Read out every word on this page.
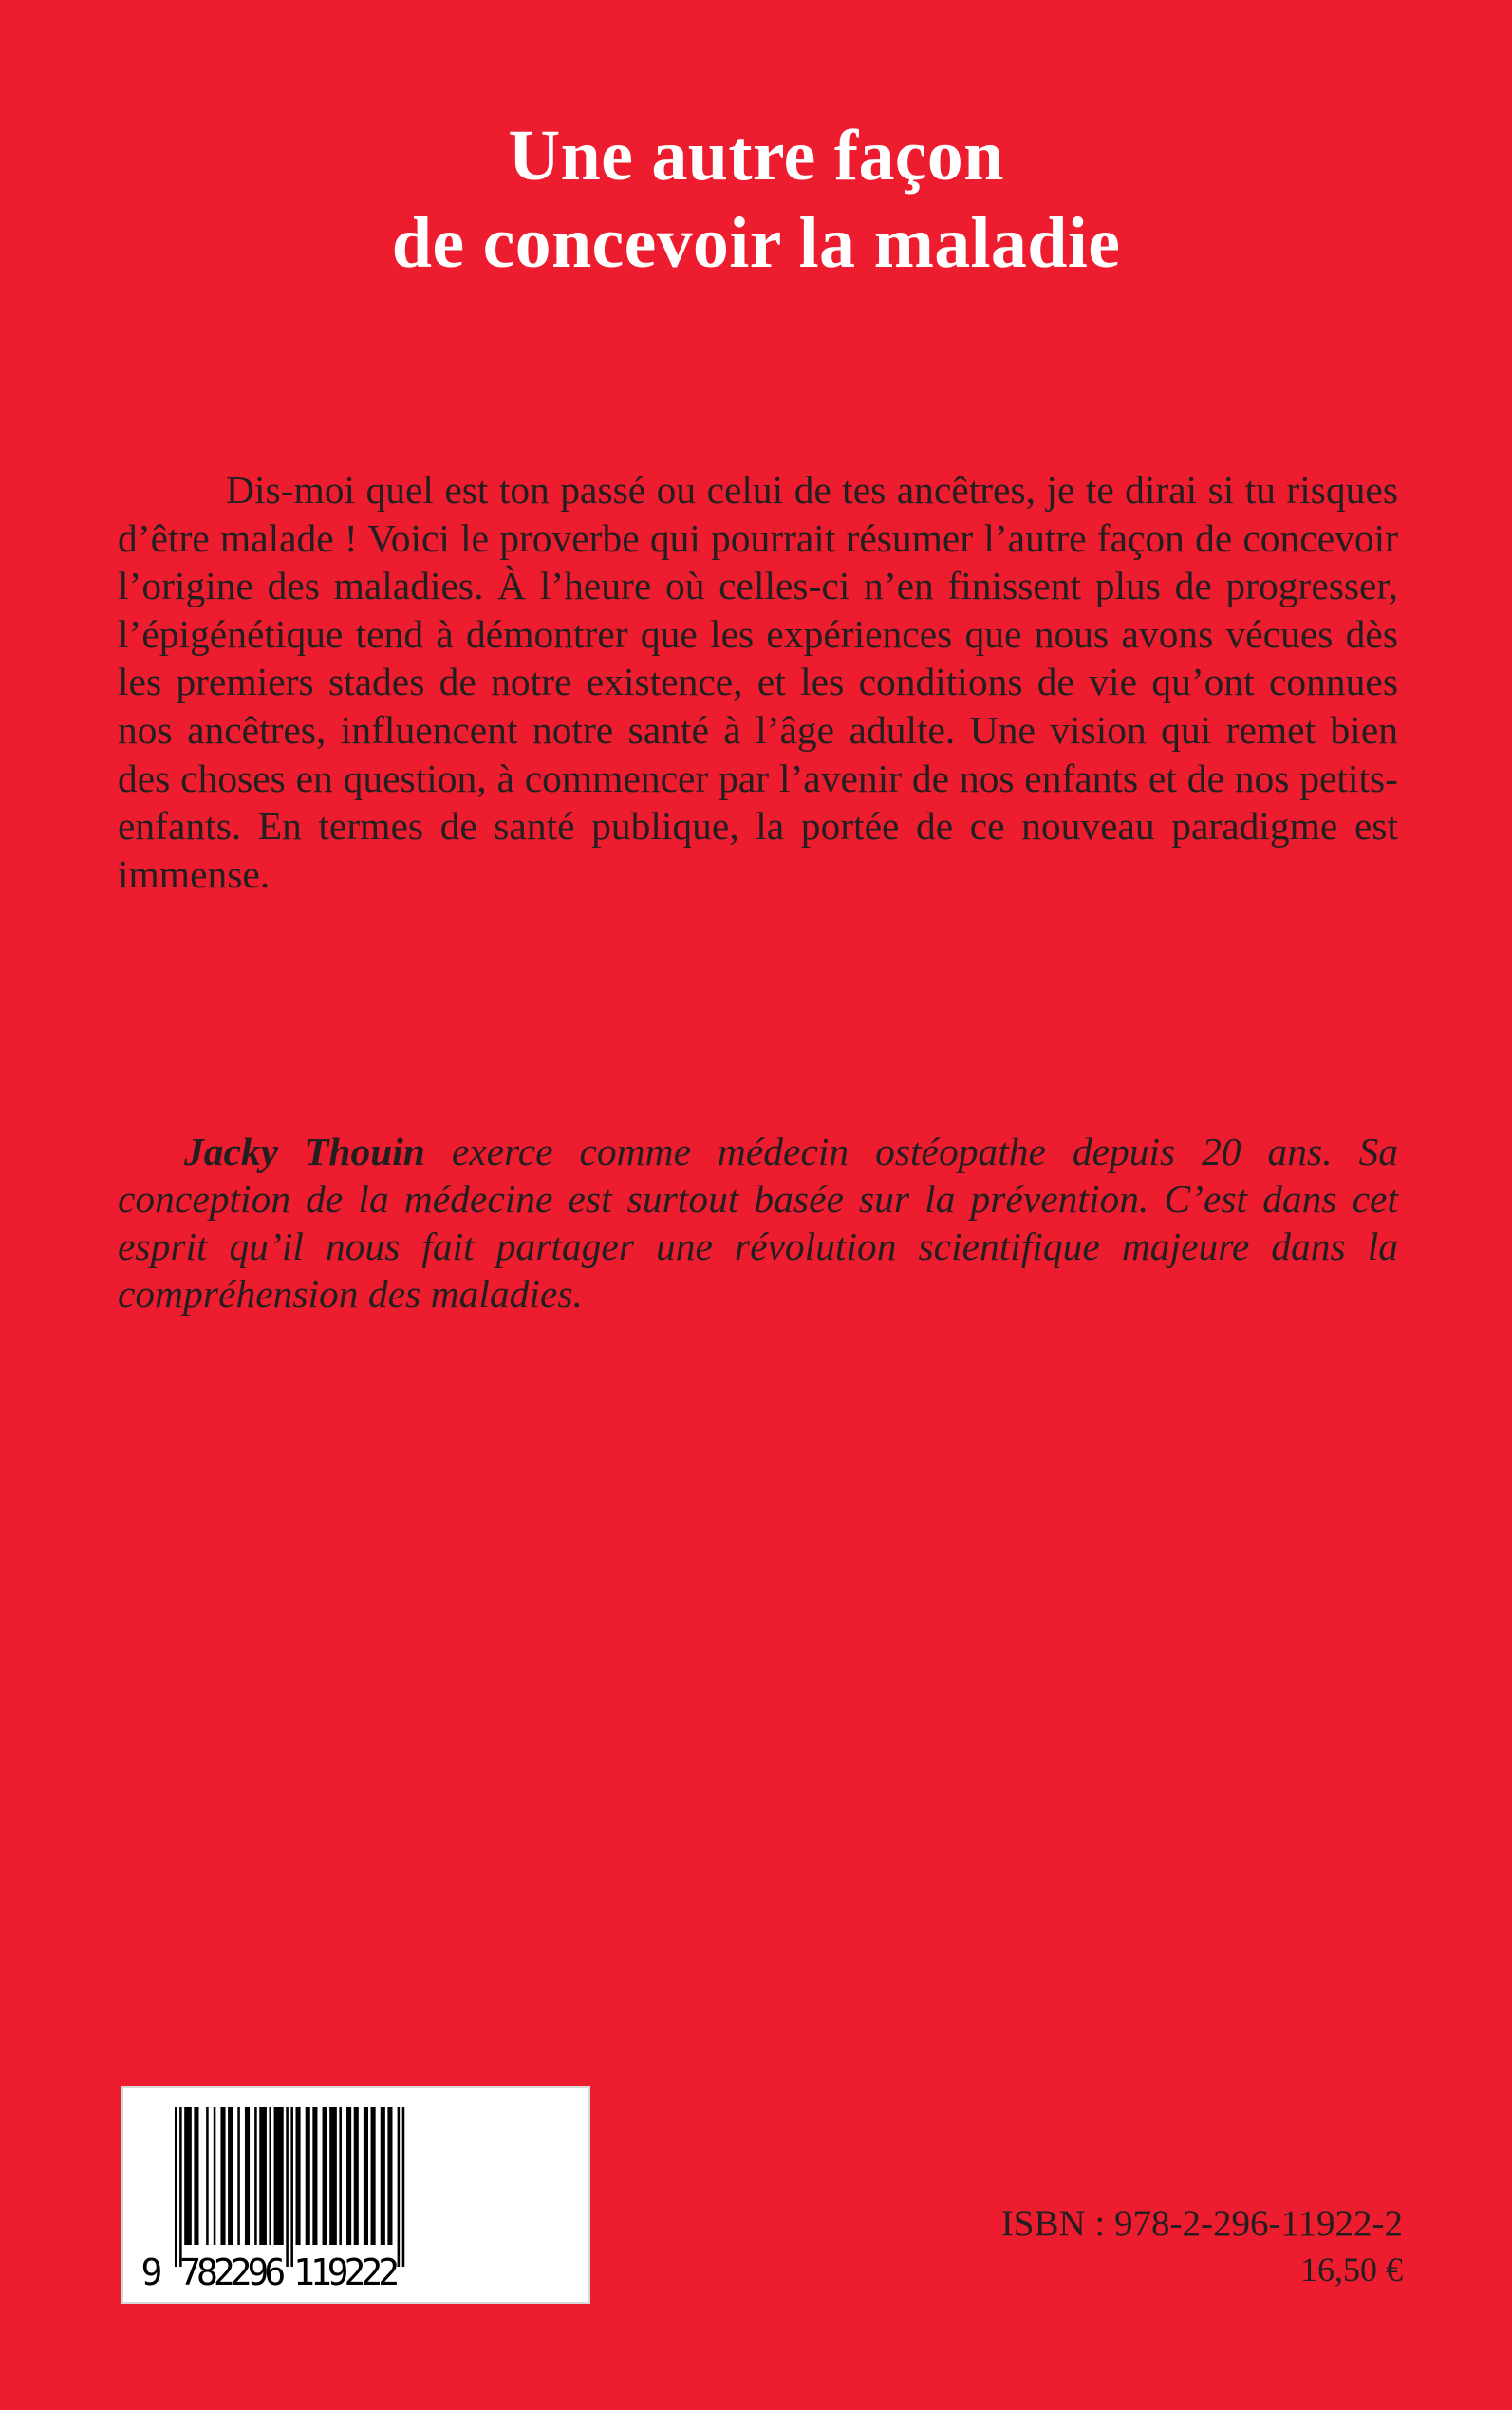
Une autre façon
de concevoir la maladie

Dis-moi quel est ton passé ou celui de tes ancêtres, je te dirai si tu risques d’être malade ! Voici le proverbe qui pourrait résumer l’autre façon de concevoir l’origine des maladies. À l’heure où celles-ci n’en finissent plus de progresser, l’épigénétique tend à démontrer que les expériences que nous avons vécues dès les premiers stades de notre existence, et les conditions de vie qu’ont connues nos ancêtres, influencent notre santé à l’âge adulte. Une vision qui remet bien des choses en question, à commencer par l’avenir de nos enfants et de nos petits-enfants. En termes de santé publique, la portée de ce nouveau paradigme est immense.

Jacky Thouin exerce comme médecin ostéopathe depuis 20 ans. Sa conception de la médecine est surtout basée sur la prévention. C’est dans cet esprit qu’il nous fait partager une révolution scientifique majeure dans la compréhension des maladies.

9 7
8
2
2
9
6 1
1
9
2
2
2
ISBN : 978-2-296-11922-2
16,50 €
